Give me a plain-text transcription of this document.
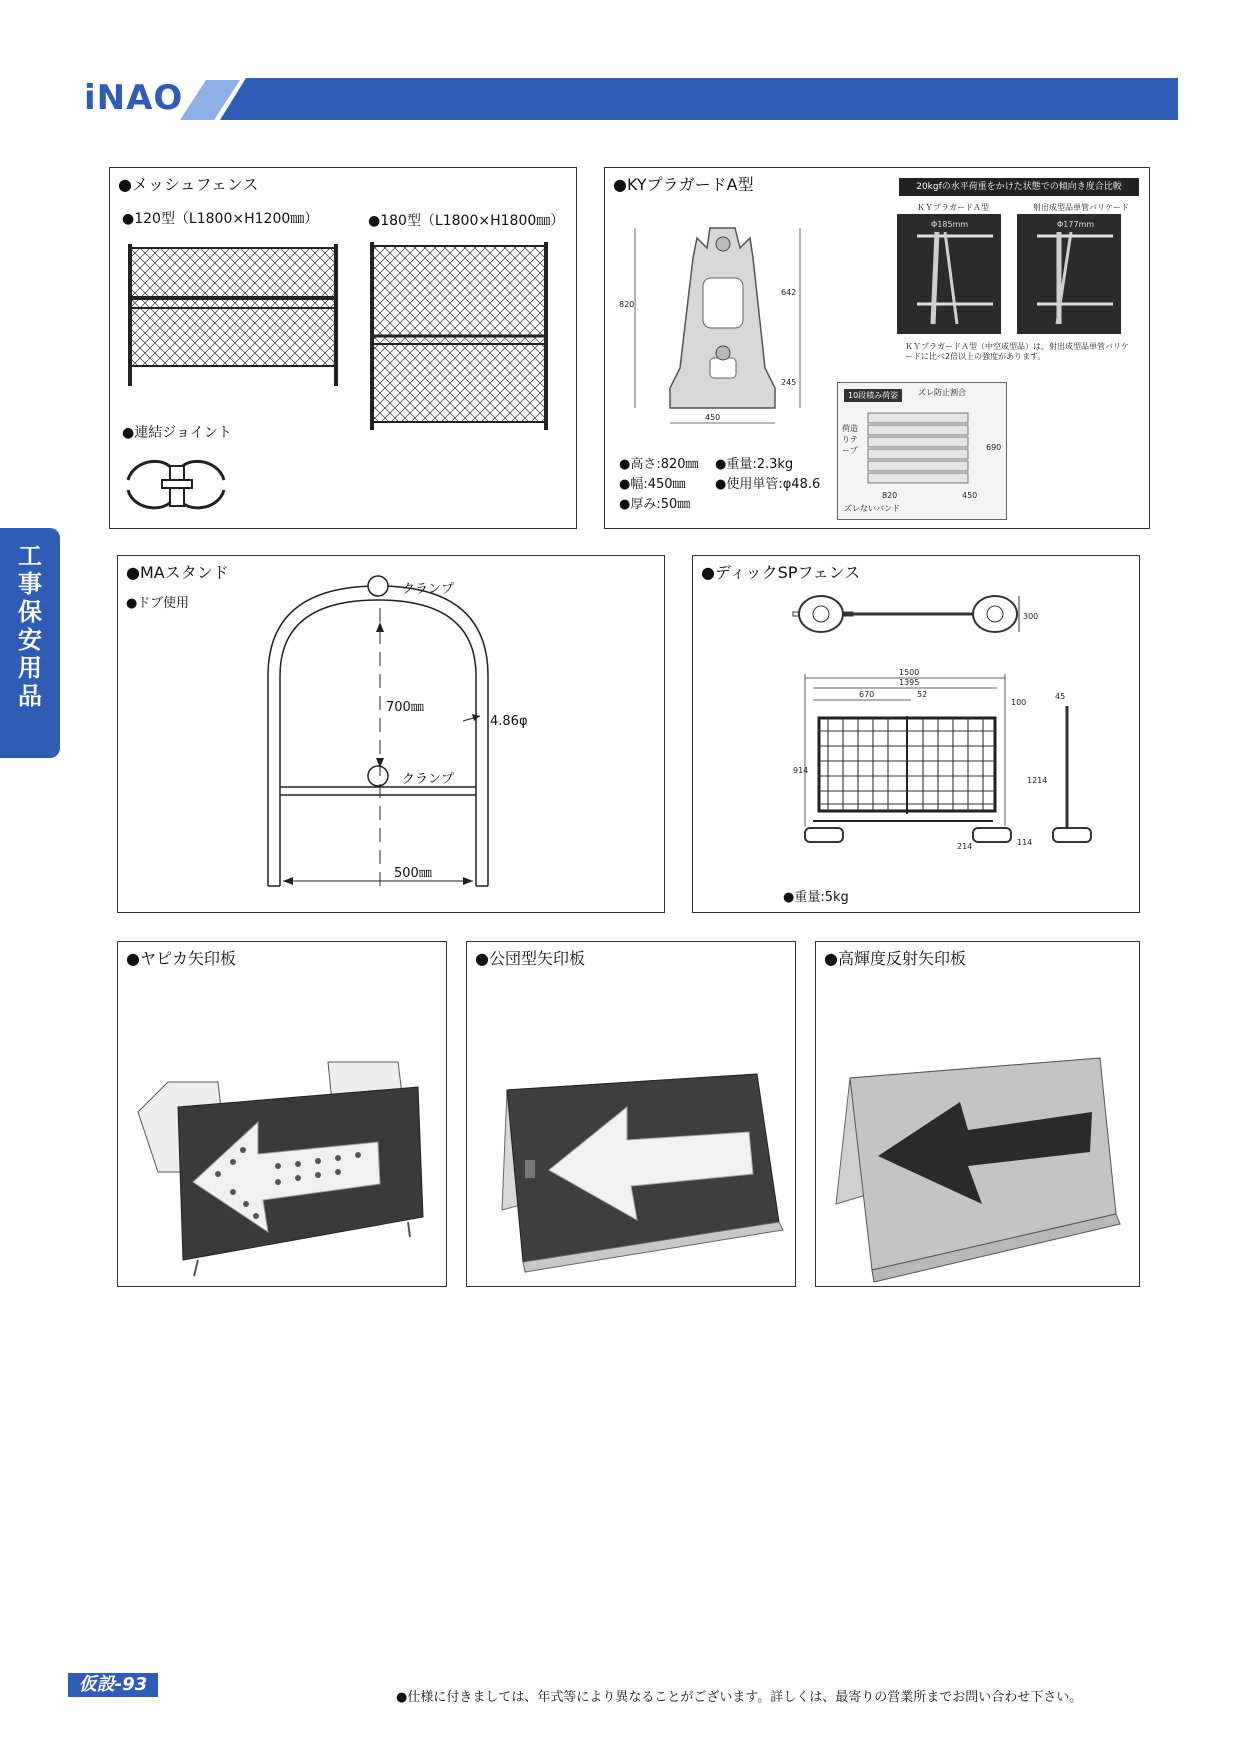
iNAO
工
事
保
安
用
品
●メッシュフェンス
●120型（L1800×H1200㎜）	●180型（L1800×H1800㎜）
●連結ジョイント
●KYプラガードA型
820
642
245
450
●高さ:820㎜ ●重量:2.3kg
●幅:450㎜ ●使用単管:φ48.6
●厚み:50㎜
20kgfの水平荷重をかけた状態での傾向き度合比較
ＫＹプラガードＡ型	射出成型品単管バリケード
Φ185mm	Φ177mm
ＫＹプラガードＡ型（中空成型品）は、射出成型品単管バリケードに比べ2倍以上の強度があります。
10段積み荷姿	ズレ防止割合
荷造りテープ
ズレないバンド
690
450
820
●MAスタンド
●ドブ使用
クランプ
クランプ
700㎜
4.86φ
500㎜
●ディックSPフェンス
300
1500
1395
670	52
100
45
914
1214
214	114
●重量:5kg
●ヤピカ矢印板	●公団型矢印板	●高輝度反射矢印板
仮設-93
●仕様に付きましては、年式等により異なることがございます。詳しくは、最寄りの営業所までお問い合わせ下さい。
